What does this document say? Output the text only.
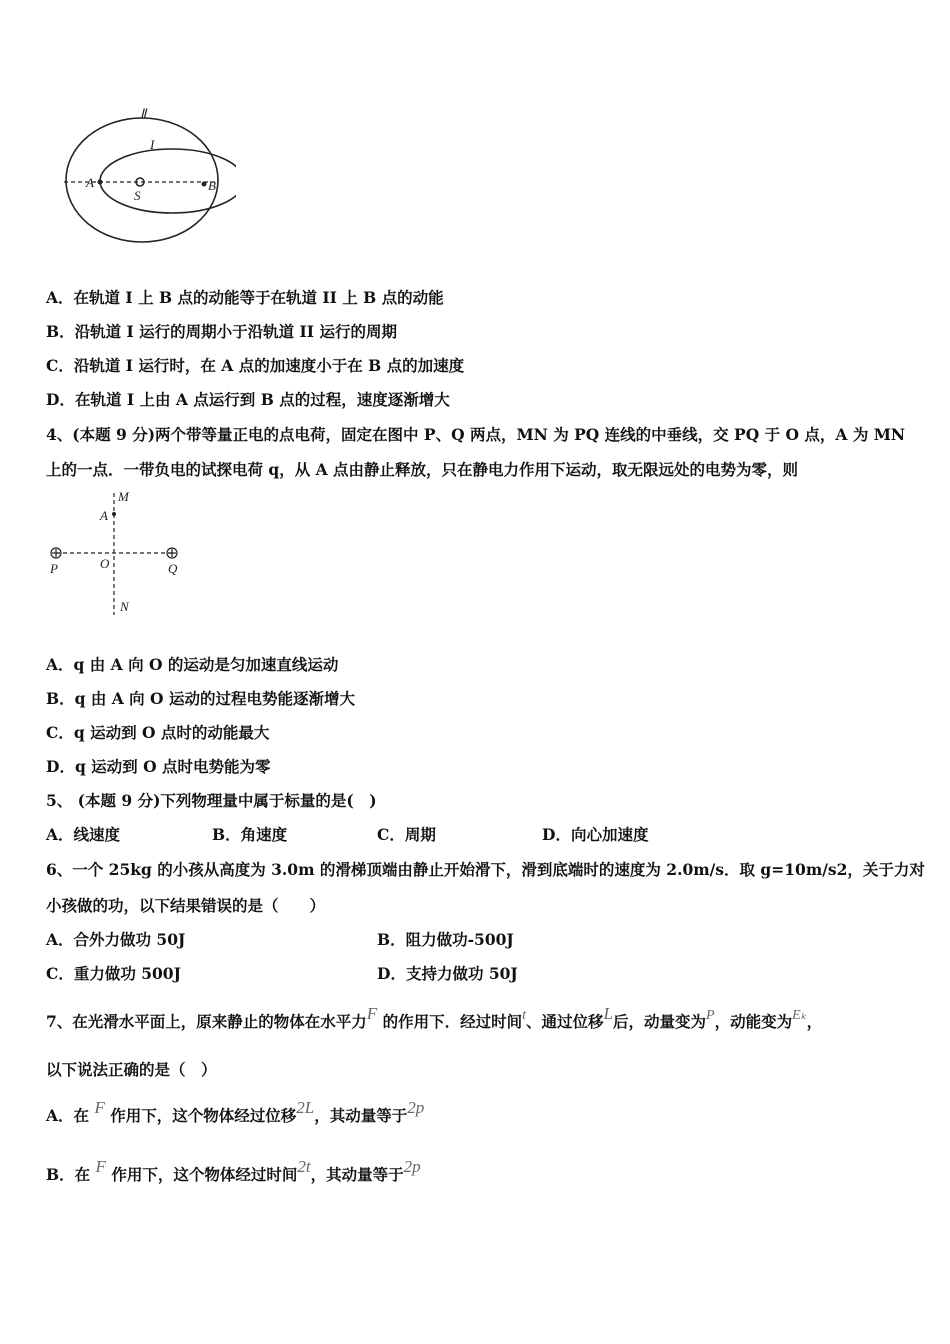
Ⅱ
I
A	B
S
A．在轨道 I 上 B 点的动能等于在轨道 II 上 B 点的动能
B．沿轨道 I 运行的周期小于沿轨道 II 运行的周期
C．沿轨道 I 运行时，在 A 点的加速度小于在 B 点的加速度
D．在轨道 I 上由 A 点运行到 B 点的过程，速度逐渐增大
4、(本题 9 分)两个带等量正电的点电荷，固定在图中 P、Q 两点，MN 为 PQ 连线的中垂线，交 PQ 于 O 点，A 为 MN
上的一点．一带负电的试探电荷 q，从 A 点由静止释放，只在静电力作用下运动，取无限远处的电势为零，则
M
A
O
P	Q
N
A．q 由 A 向 O 的运动是匀加速直线运动
B．q 由 A 向 O 运动的过程电势能逐渐增大
C．q 运动到 O 点时的动能最大
D．q 运动到 O 点时电势能为零
5、 (本题 9 分)下列物理量中属于标量的是(　)
A．线速度	B．角速度	C．周期	D．向心加速度
6、一个 25kg 的小孩从高度为 3.0m 的滑梯顶端由静止开始滑下，滑到底端时的速度为 2.0m/s．取 g=10m/s2，关于力对
小孩做的功，以下结果错误的是（　　）
A．合外力做功 50J	B．阻力做功-500J
C．重力做功 500J	D．支持力做功 50J
7、在光滑水平面上，原来静止的物体在水平力F 的作用下．经过时间t、通过位移L后，动量变为P，动能变为Eₖ，
以下说法正确的是（　）
A．在 F 作用下，这个物体经过位移2L，其动量等于2p
B．在 F 作用下，这个物体经过时间2t，其动量等于2p
